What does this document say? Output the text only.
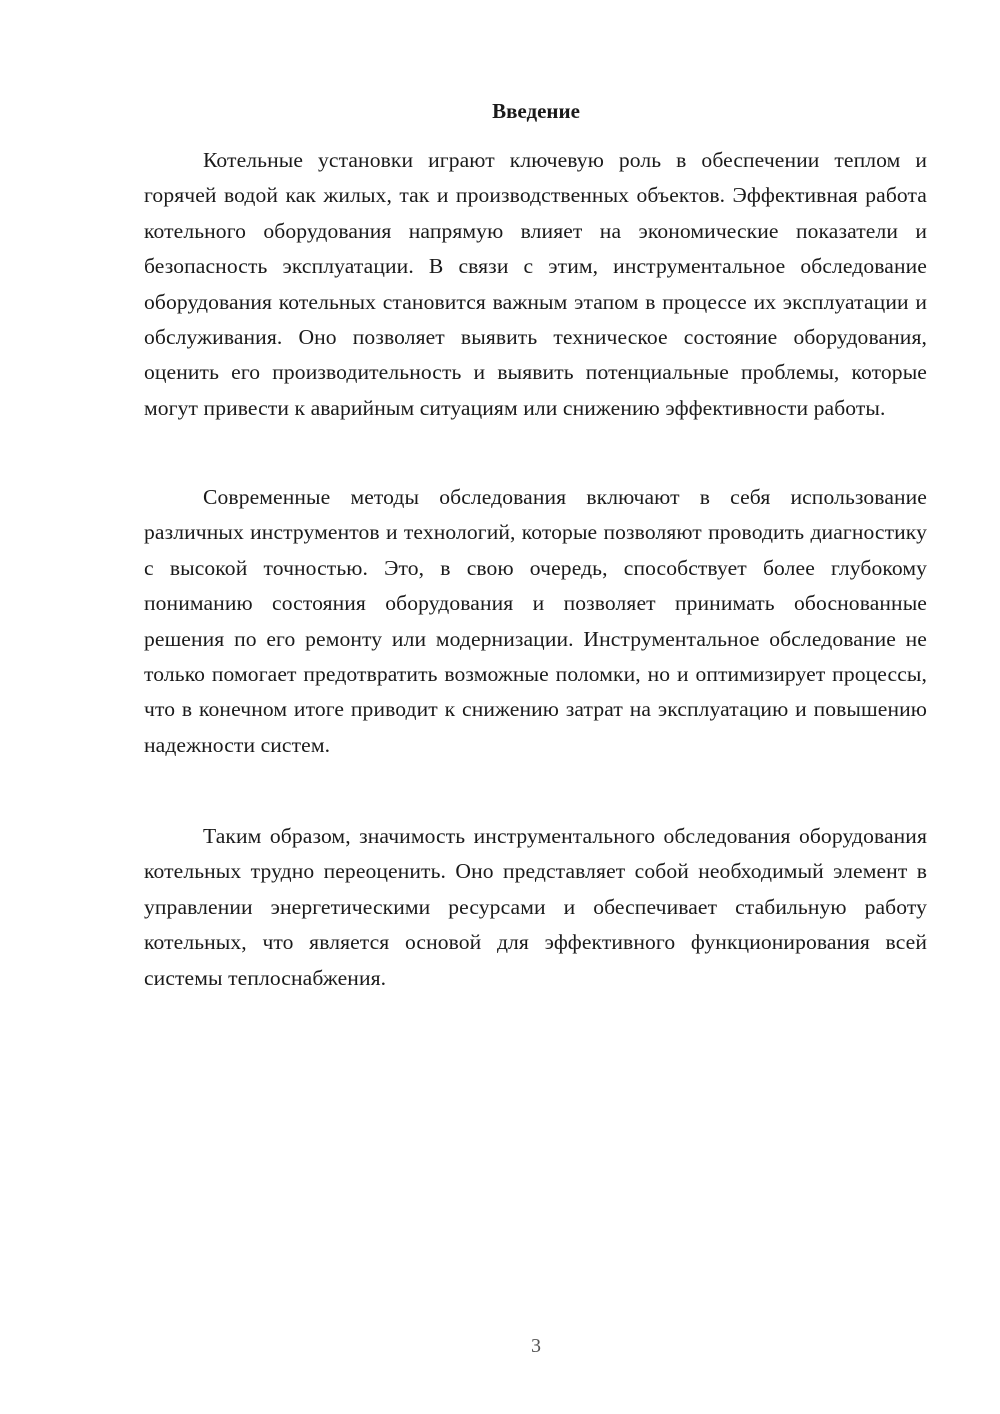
Введение

Котельные установки играют ключевую роль в обеспечении теплом и горячей водой как жилых, так и производственных объектов. Эффективная работа котельного оборудования напрямую влияет на экономические показатели и безопасность эксплуатации. В связи с этим, инструментальное обследование оборудования котельных становится важным этапом в процессе их эксплуатации и обслуживания. Оно позволяет выявить техническое состояние оборудования, оценить его производительность и выявить потенциальные проблемы, которые могут привести к аварийным ситуациям или снижению эффективности работы.

Современные методы обследования включают в себя использование различных инструментов и технологий, которые позволяют проводить диагностику с высокой точностью. Это, в свою очередь, способствует более глубокому пониманию состояния оборудования и позволяет принимать обоснованные решения по его ремонту или модернизации. Инструментальное обследование не только помогает предотвратить возможные поломки, но и оптимизирует процессы, что в конечном итоге приводит к снижению затрат на эксплуатацию и повышению надежности систем.

Таким образом, значимость инструментального обследования оборудования котельных трудно переоценить. Оно представляет собой необходимый элемент в управлении энергетическими ресурсами и обеспечивает стабильную работу котельных, что является основой для эффективного функционирования всей системы теплоснабжения.

3
